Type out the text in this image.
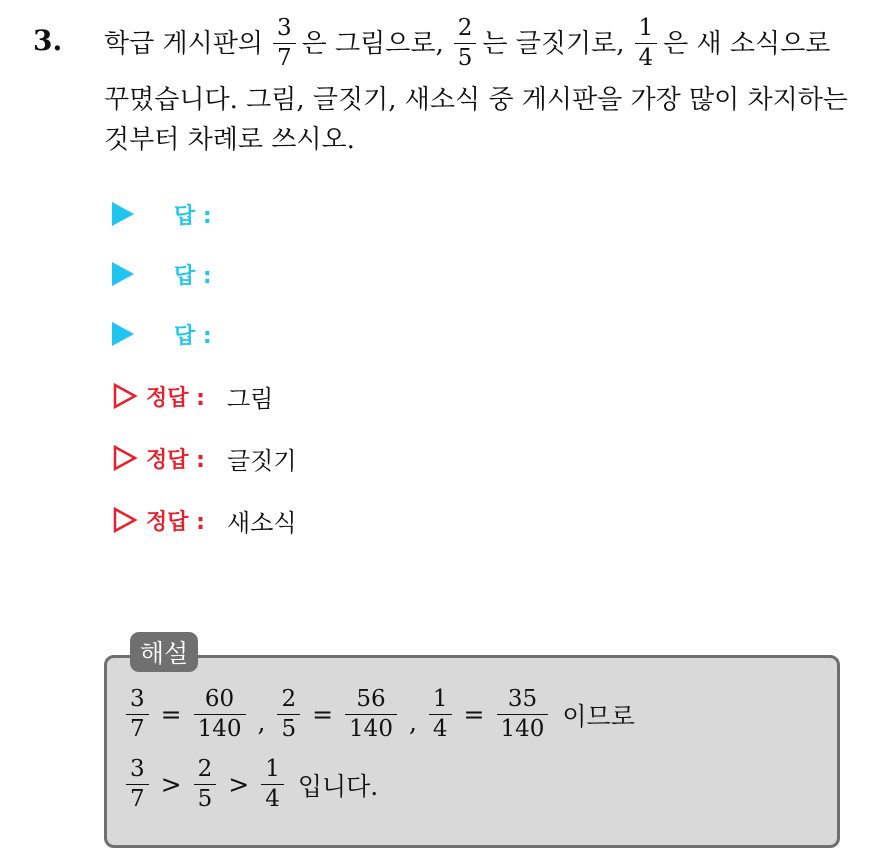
3. 학급 게시판의 $\frac{3}{7}$ 은 그림으로, $\frac{2}{5}$ 는 글짓기로, $\frac{1}{4}$ 은 새 소식으로
꾸몄습니다. 그림, 글짓기, 새소식 중 게시판을 가장 많이 차지하는
것부터 차례로 쓰시오.
답 :
답 :
답 :
정답 : 그림
정답 : 글짓기
정답 : 새소식
해설
$\frac{3}{7} = \frac{60}{140}$ , $\frac{2}{5} = \frac{56}{140}$ , $\frac{1}{4} = \frac{35}{140}$ 이므로
$\frac{3}{7} > \frac{2}{5} > \frac{1}{4}$ 입니다.
